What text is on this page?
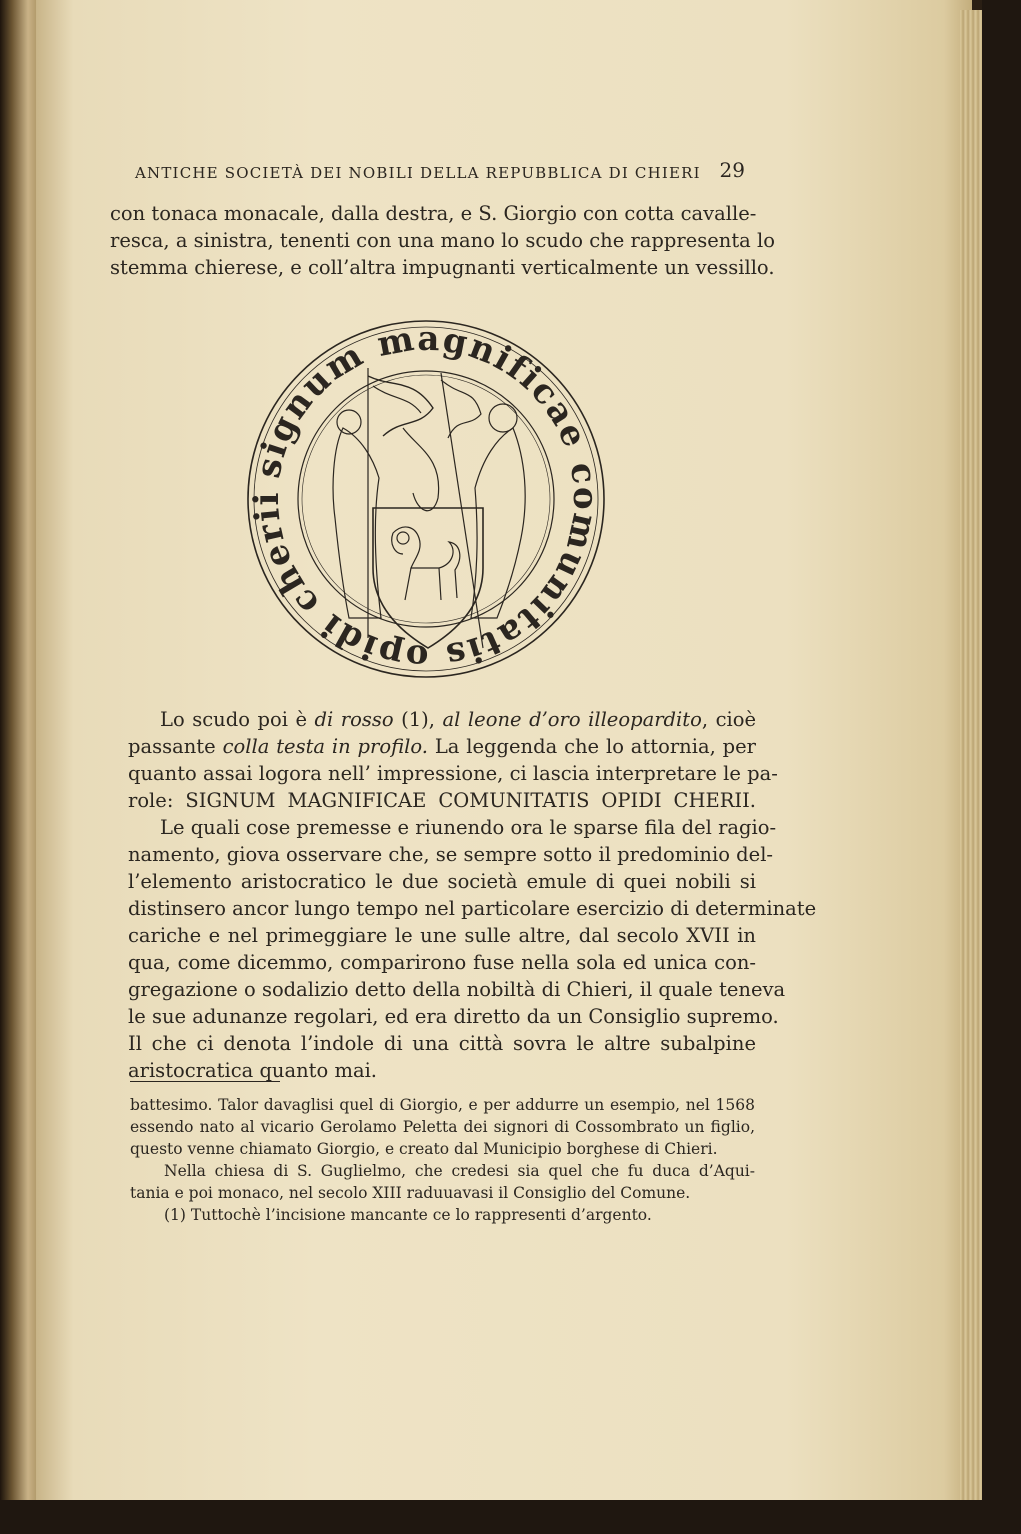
ANTICHE SOCIETÀ DEI NOBILI DELLA REPUBBLICA DI CHIERI 29
con tonaca monacale, dalla destra, e S. Giorgio con cotta cavalle-
resca, a sinistra, tenenti con una mano lo scudo che rappresenta lo
stemma chierese, e coll’altra impugnanti verticalmente un vessillo.
signum magnificae comunitatis opidi cherii
Lo scudo poi è di rosso (1), al leone d’oro illeopardito, cioè
passante colla testa in profilo. La leggenda che lo attornia, per
quanto assai logora nell’ impressione, ci lascia interpretare le pa-
role: SIGNUM MAGNIFICAE COMUNITATIS OPIDI CHERII.
Le quali cose premesse e riunendo ora le sparse fila del ragio-
namento, giova osservare che, se sempre sotto il predominio del-
l’elemento aristocratico le due società emule di quei nobili si
distinsero ancor lungo tempo nel particolare esercizio di determinate
cariche e nel primeggiare le une sulle altre, dal secolo XVII in
qua, come dicemmo, comparirono fuse nella sola ed unica con-
gregazione o sodalizio detto della nobiltà di Chieri, il quale teneva
le sue adunanze regolari, ed era diretto da un Consiglio supremo.
Il che ci denota l’indole di una città sovra le altre subalpine
aristocratica quanto mai.
battesimo. Talor davaglisi quel di Giorgio, e per addurre un esempio, nel 1568
essendo nato al vicario Gerolamo Peletta dei signori di Cossombrato un figlio,
questo venne chiamato Giorgio, e creato dal Municipio borghese di Chieri.
Nella chiesa di S. Guglielmo, che credesi sia quel che fu duca d’Aqui-
tania e poi monaco, nel secolo XIII raduuavasi il Consiglio del Comune.
(1) Tuttochè l’incisione mancante ce lo rappresenti d’argento.
